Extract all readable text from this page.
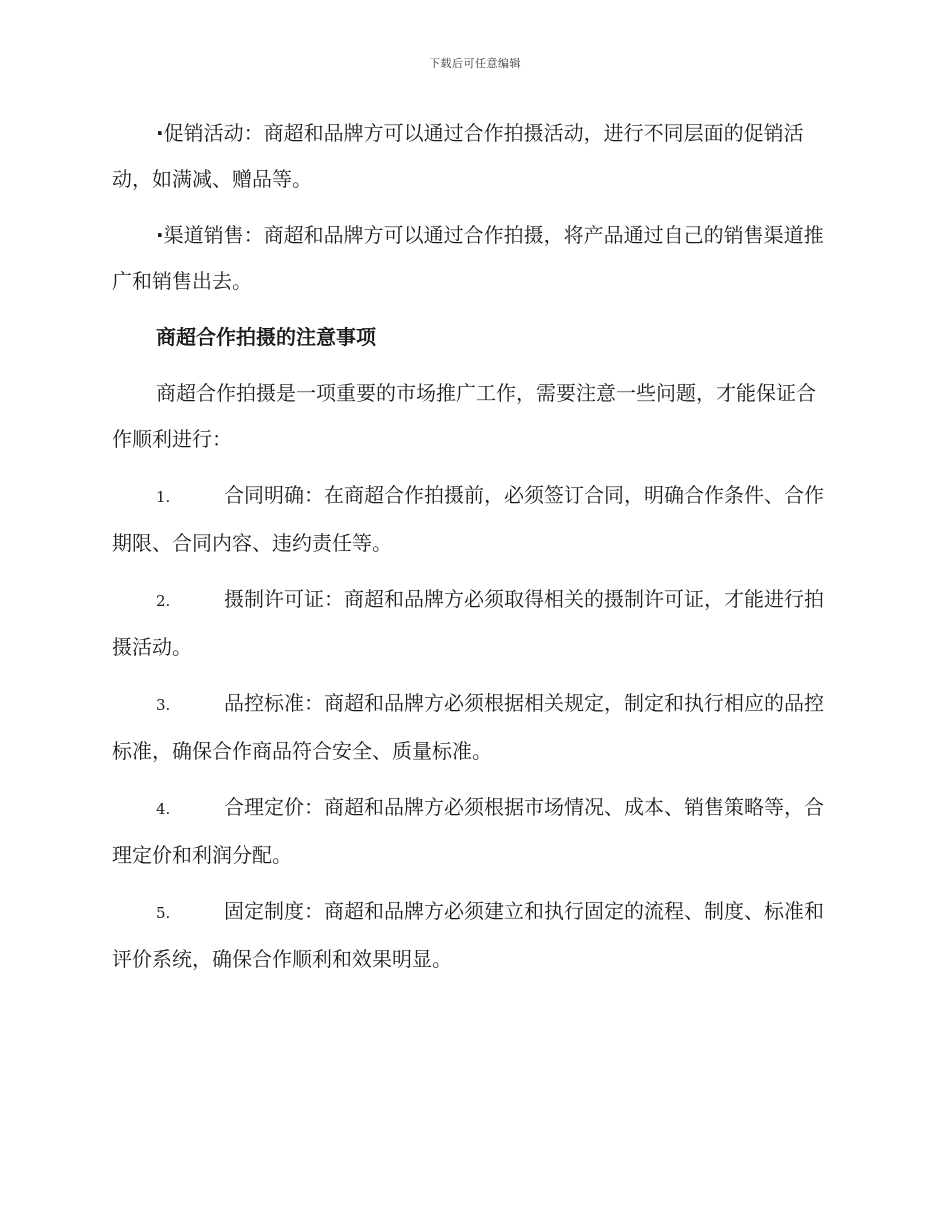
下载后可任意编辑

·促销活动：商超和品牌方可以通过合作拍摄活动，进行不同层面的促销活动，如满减、赠品等。

·渠道销售：商超和品牌方可以通过合作拍摄，将产品通过自己的销售渠道推广和销售出去。

商超合作拍摄的注意事项

商超合作拍摄是一项重要的市场推广工作，需要注意一些问题，才能保证合作顺利进行：

1.	合同明确：在商超合作拍摄前，必须签订合同，明确合作条件、合作期限、合同内容、违约责任等。

2.	摄制许可证：商超和品牌方必须取得相关的摄制许可证，才能进行拍摄活动。

3.	品控标准：商超和品牌方必须根据相关规定，制定和执行相应的品控标准，确保合作商品符合安全、质量标准。

4.	合理定价：商超和品牌方必须根据市场情况、成本、销售策略等，合理定价和利润分配。

5.	固定制度：商超和品牌方必须建立和执行固定的流程、制度、标准和评价系统，确保合作顺利和效果明显。
